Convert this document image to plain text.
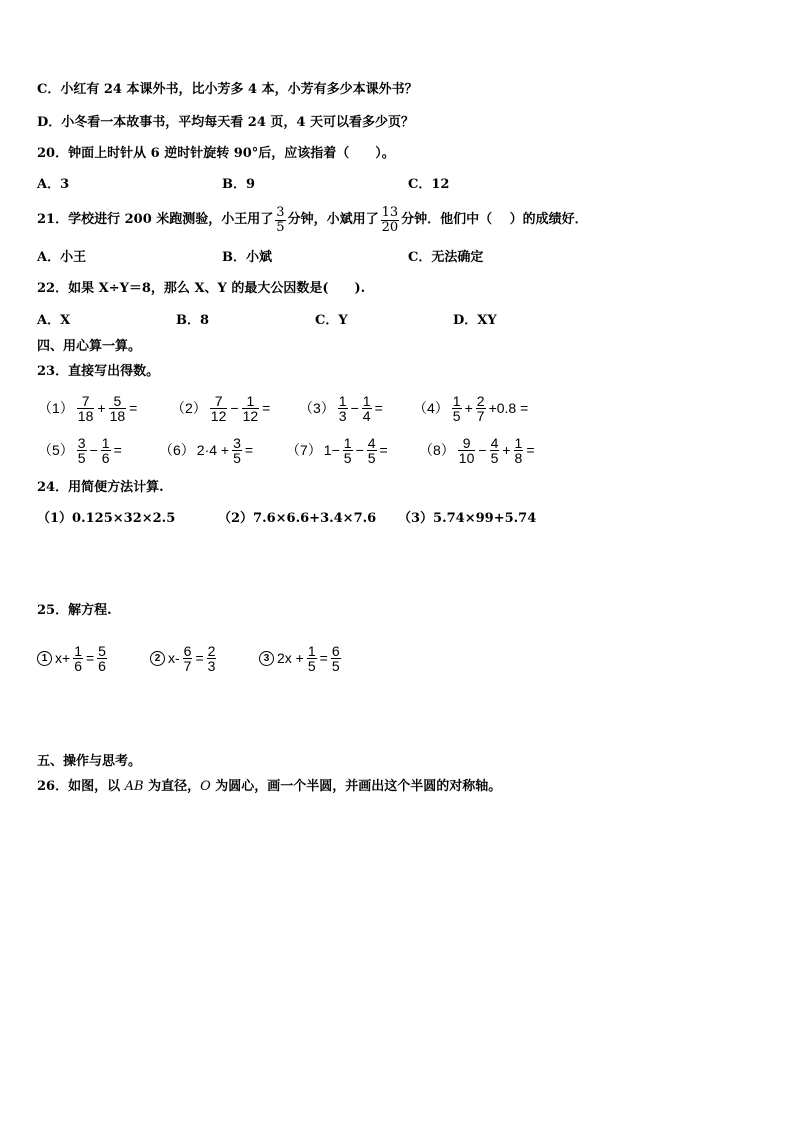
C．小红有 24 本课外书，比小芳多 4 本，小芳有多少本课外书？
D．小冬看一本故事书，平均每天看 24 页，4 天可以看多少页？
20．钟面上时针从 6 逆时针旋转 90°后，应该指着（　　）。
A．3	B．9	C．12
21．学校进行 200 米跑测验，小王用了 $\frac{3}{5}$ 分钟，小斌用了 $\frac{13}{20}$ 分钟．他们中（　 ）的成绩好．
A．小王	B．小斌	C．无法确定
22．如果 X÷Y＝8，那么 X、Y 的最大公因数是(　　).
A．X	B．8	C．Y	D．XY
四、用心算一算。
23．直接写出得数。
$(1) \frac{7}{18} + \frac{5}{18} = (2) \frac{7}{12} - \frac{1}{12} = (3) \frac{1}{3} - \frac{1}{4} = (4) \frac{1}{5} + \frac{2}{7} +0.8$ =
$(5) \frac{3}{5} - \frac{1}{6}$ =	（6） $2\cdot 4 + \frac{3}{5} = (7)$ $1- \frac{1}{5} - \frac{4}{5} = (8) \frac{9}{10} - \frac{4}{5} + \frac{1}{8}$ =
24．用简便方法计算.
（1）0.125×32×2.5	（2）7.6×6.6+3.4×7.6 （3）5.74×99+5.74
25．解方程.
1 $x+ \frac{1}{6} = \frac{5}{6}$	2 $x- \frac{6}{7} = \frac{2}{3}$	3 $2x + \frac{1}{5} = \frac{6}{5}$
五、操作与思考。
26．如图，以 AB 为直径，O 为圆心，画一个半圆，并画出这个半圆的对称轴。
